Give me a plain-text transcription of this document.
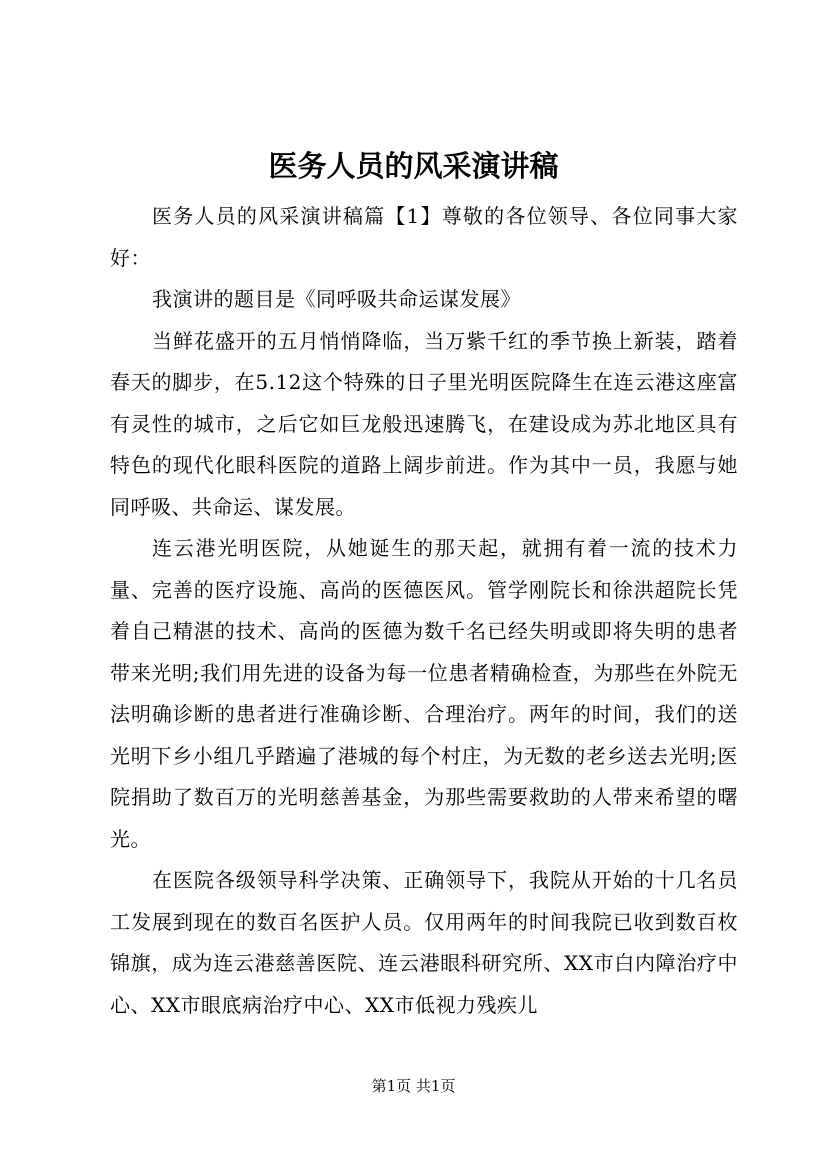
医务人员的风采演讲稿

医务人员的风采演讲稿篇【1】尊敬的各位领导、各位同事大家好：

我演讲的题目是《同呼吸共命运谋发展》

当鲜花盛开的五月悄悄降临，当万紫千红的季节换上新装，踏着春天的脚步，在5.12这个特殊的日子里光明医院降生在连云港这座富有灵性的城市，之后它如巨龙般迅速腾飞，在建设成为苏北地区具有特色的现代化眼科医院的道路上阔步前进。作为其中一员，我愿与她同呼吸、共命运、谋发展。

连云港光明医院，从她诞生的那天起，就拥有着一流的技术力量、完善的医疗设施、高尚的医德医风。管学刚院长和徐洪超院长凭着自己精湛的技术、高尚的医德为数千名已经失明或即将失明的患者带来光明;我们用先进的设备为每一位患者精确检查，为那些在外院无法明确诊断的患者进行准确诊断、合理治疗。两年的时间，我们的送光明下乡小组几乎踏遍了港城的每个村庄，为无数的老乡送去光明;医院捐助了数百万的光明慈善基金，为那些需要救助的人带来希望的曙光。

在医院各级领导科学决策、正确领导下，我院从开始的十几名员工发展到现在的数百名医护人员。仅用两年的时间我院已收到数百枚锦旗，成为连云港慈善医院、连云港眼科研究所、XX市白内障治疗中心、XX市眼底病治疗中心、XX市低视力残疾儿

第1页 共1页
